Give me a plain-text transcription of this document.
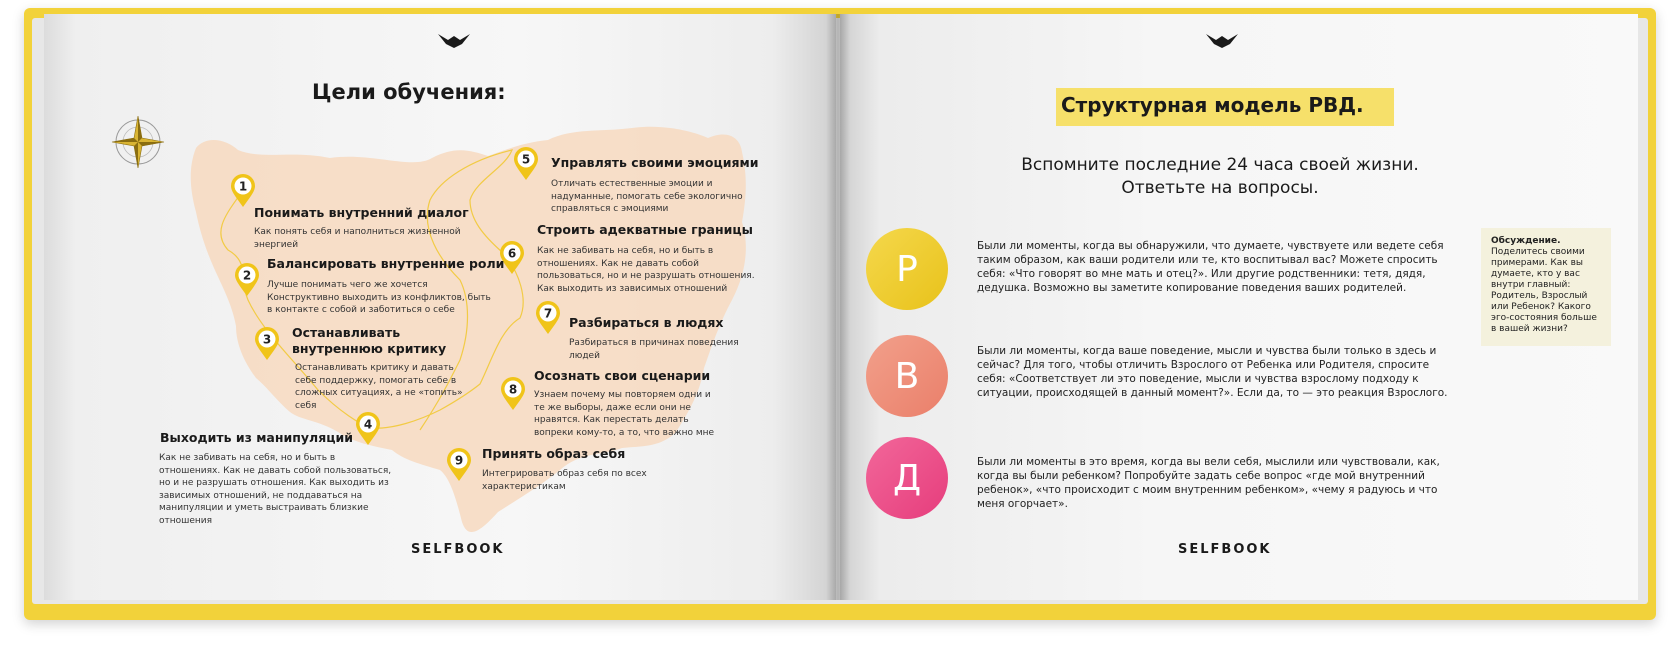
Цели обучения:
1
2
3
4
5
6
7
8
9
Понимать внутренний диалог
Как понять себя и наполниться жизненной энергией
Балансировать внутренние роли
Лучше понимать чего же хочется Конструктивно выходить из конфликтов, быть в контакте с собой и заботиться о себе
Останавливать внутреннюю критику
Останавливать критику и давать себе поддержку, помогать себе в сложных ситуациях, а не «топить» себя
Выходить из манипуляций
Как не забивать на себя, но и быть в отношениях. Как не давать собой пользоваться, но и не разрушать отношения. Как выходить из зависимых отношений, не поддаваться на манипуляции и уметь выстраивать близкие отношения
Управлять своими эмоциями
Отличать естественные эмоции и надуманные, помогать себе экологично справляться с эмоциями
Строить адекватные границы
Как не забивать на себя, но и быть в отношениях. Как не давать собой пользоваться, но и не разрушать отношения. Как выходить из зависимых отношений
Разбираться в людях
Разбираться в причинах поведения людей
Осознать свои сценарии
Узнаем почему мы повторяем одни и те же выборы, даже если они не нравятся. Как перестать делать вопреки кому-то, а то, что важно мне
Принять образ себя
Интегрировать образ себя по всех характеристикам
SELFBOOK
Структурная модель РВД.
Вспомните последние 24 часа своей жизни.
Ответьте на вопросы.
Р
Были ли моменты, когда вы обнаружили, что думаете, чувствуете или ведете себя таким образом, как ваши родители или те, кто воспитывал вас? Можете спросить себя: «Что говорят во мне мать и отец?». Или другие родственники: тетя, дядя, дедушка. Возможно вы заметите копирование поведения ваших родителей.
В
Были ли моменты, когда ваше поведение, мысли и чувства были только в здесь и сейчас? Для того, чтобы отличить Взрослого от Ребенка или Родителя, спросите себя: «Соответствует ли это поведение, мысли и чувства взрослому подходу к ситуации, происходящей в данный момент?». Если да, то — это реакция Взрослого.
Д	Были ли моменты в это время, когда вы вели себя, мыслили или чувствовали, как, когда вы были ребенком? Попробуйте задать себе вопрос «где мой внутренний ребенок», «что происходит с моим внутренним ребенком», «чему я радуюсь и что меня огорчает».
Обсуждение.
Поделитесь своими примерами. Как вы думаете, кто у вас внутри главный: Родитель, Взрослый или Ребенок? Какого эго-состояния больше в вашей жизни?
SELFBOOK
